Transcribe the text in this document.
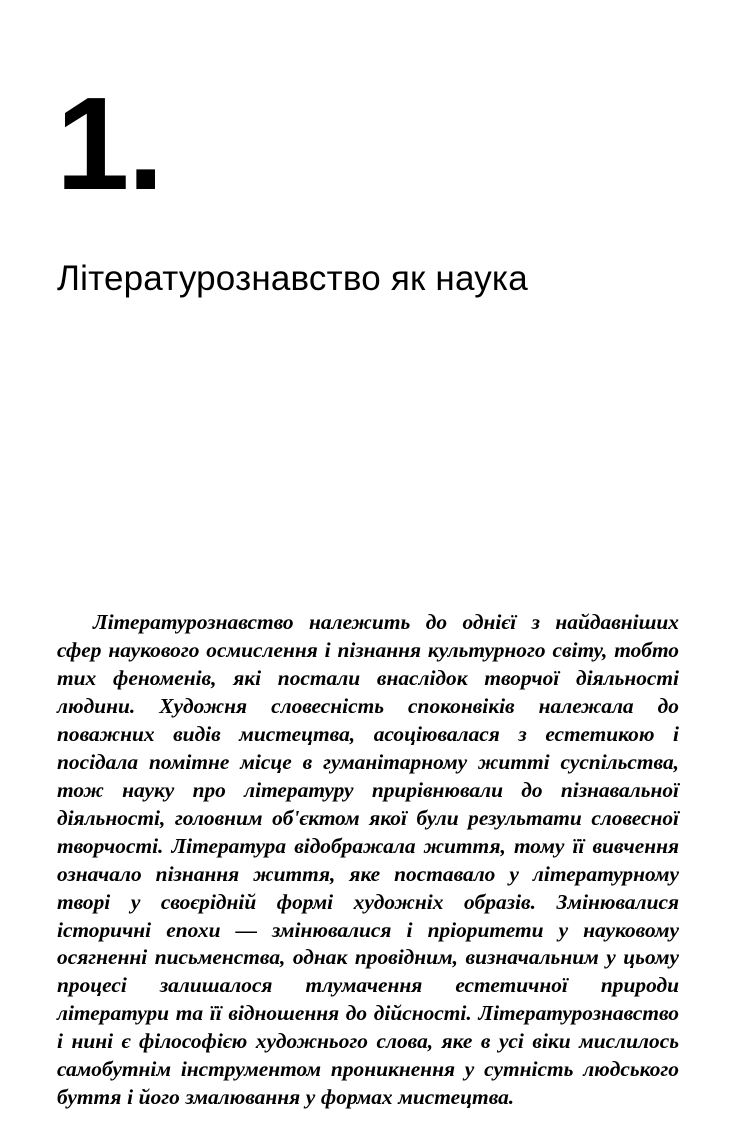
1.
Літературознавство як наука

Літературознавство належить до однієї з найдавніших сфер наукового осмислення і пізнання культурного світу, тобто тих феноменів, які постали внаслідок творчої діяльності людини. Художня словесність споконвіків належала до поважних видів мистецтва, асоціювалася з естетикою і посідала помітне місце в гуманітарному житті суспільства, тож науку про літературу прирівнювали до пізнавальної діяльності, головним об'єктом якої були результати словесної творчості. Література відображала життя, тому її вивчення означало пізнання життя, яке поставало у літературному творі у своєрідній формі художніх образів. Змінювалися історичні епохи — змінювалися і пріоритети у науковому осягненні письменства, однак провідним, визначальним у цьому процесі залишалося тлумачення естетичної природи літератури та її відношення до дійсності. Літературознавство і нині є філософією художнього слова, яке в усі віки мислилось самобутнім інструментом проникнення у сутність людського буття і його змалювання у формах мистецтва.
